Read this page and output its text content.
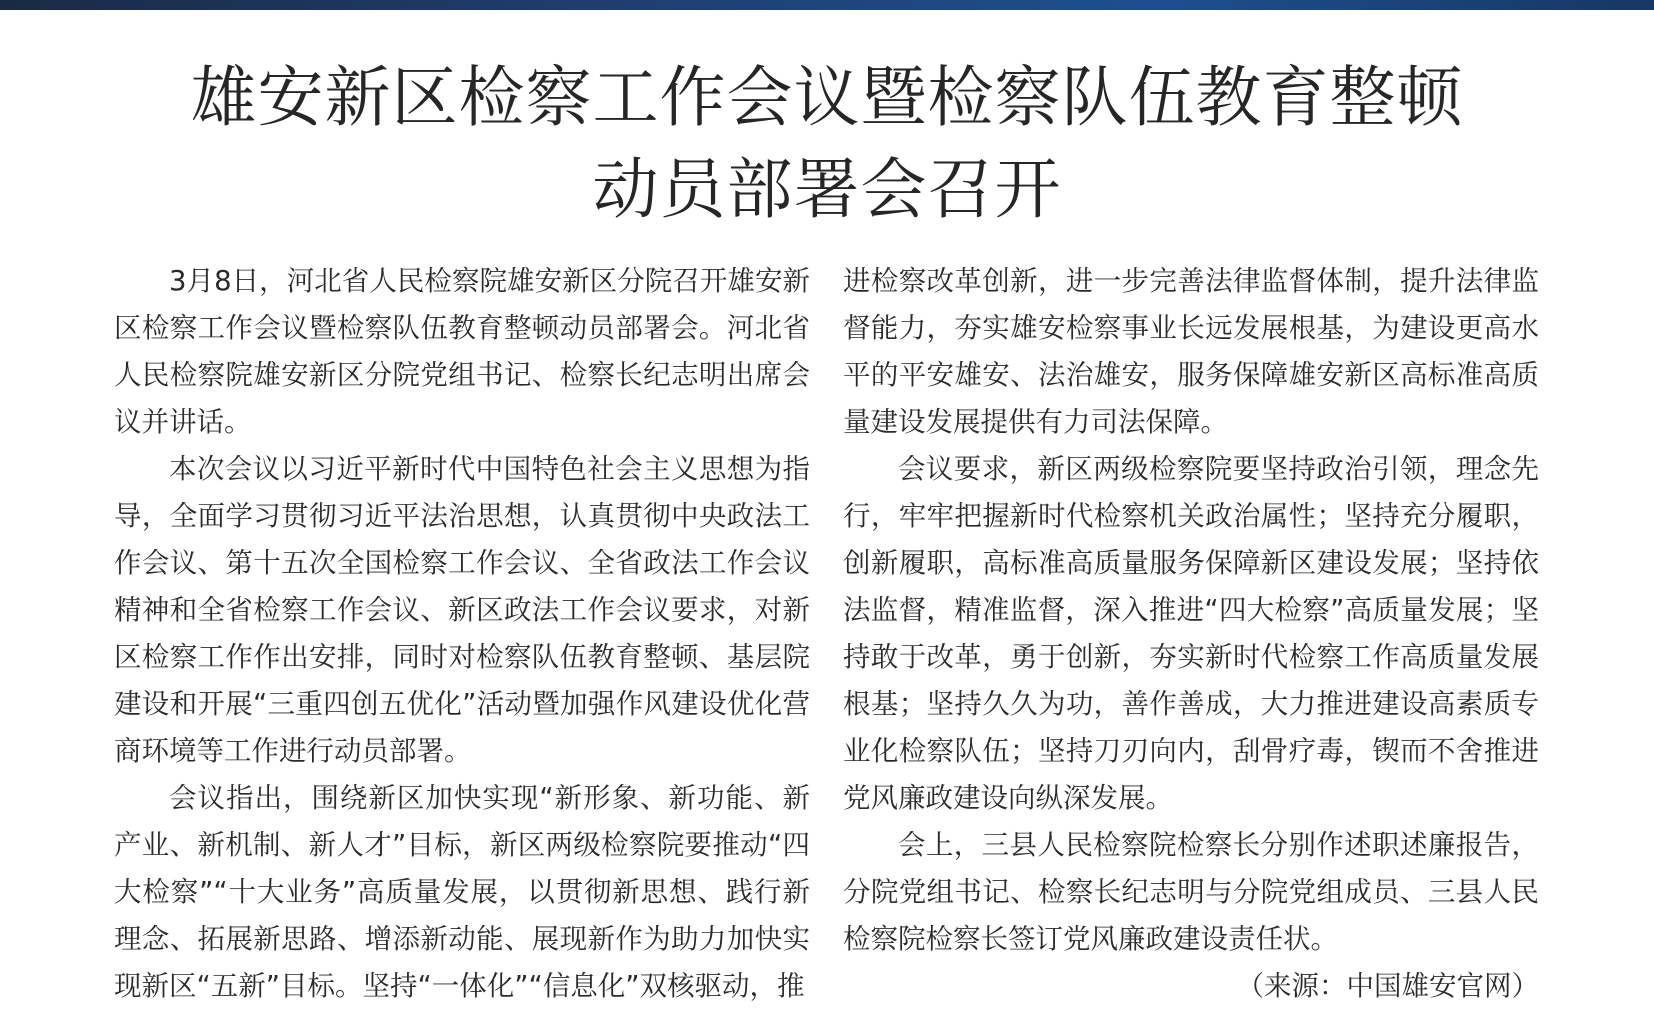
雄安新区检察工作会议暨检察队伍教育整顿
动员部署会召开

3月8日，河北省人民检察院雄安新区分院召开雄安新区检察工作会议暨检察队伍教育整顿动员部署会。河北省人民检察院雄安新区分院党组书记、检察长纪志明出席会议并讲话。

本次会议以习近平新时代中国特色社会主义思想为指导，全面学习贯彻习近平法治思想，认真贯彻中央政法工作会议、第十五次全国检察工作会议、全省政法工作会议精神和全省检察工作会议、新区政法工作会议要求，对新区检察工作作出安排，同时对检察队伍教育整顿、基层院建设和开展“三重四创五优化”活动暨加强作风建设优化营商环境等工作进行动员部署。

会议指出，围绕新区加快实现“新形象、新功能、新产业、新机制、新人才”目标，新区两级检察院要推动“四大检察”“十大业务”高质量发展，以贯彻新思想、践行新理念、拓展新思路、增添新动能、展现新作为助力加快实现新区“五新”目标。坚持“一体化”“信息化”双核驱动，推

进检察改革创新，进一步完善法律监督体制，提升法律监督能力，夯实雄安检察事业长远发展根基，为建设更高水平的平安雄安、法治雄安，服务保障雄安新区高标准高质量建设发展提供有力司法保障。

会议要求，新区两级检察院要坚持政治引领，理念先行，牢牢把握新时代检察机关政治属性；坚持充分履职，创新履职，高标准高质量服务保障新区建设发展；坚持依法监督，精准监督，深入推进“四大检察”高质量发展；坚持敢于改革，勇于创新，夯实新时代检察工作高质量发展根基；坚持久久为功，善作善成，大力推进建设高素质专业化检察队伍；坚持刀刃向内，刮骨疗毒，锲而不舍推进党风廉政建设向纵深发展。

会上，三县人民检察院检察长分别作述职述廉报告，分院党组书记、检察长纪志明与分院党组成员、三县人民检察院检察长签订党风廉政建设责任状。

（来源：中国雄安官网）
